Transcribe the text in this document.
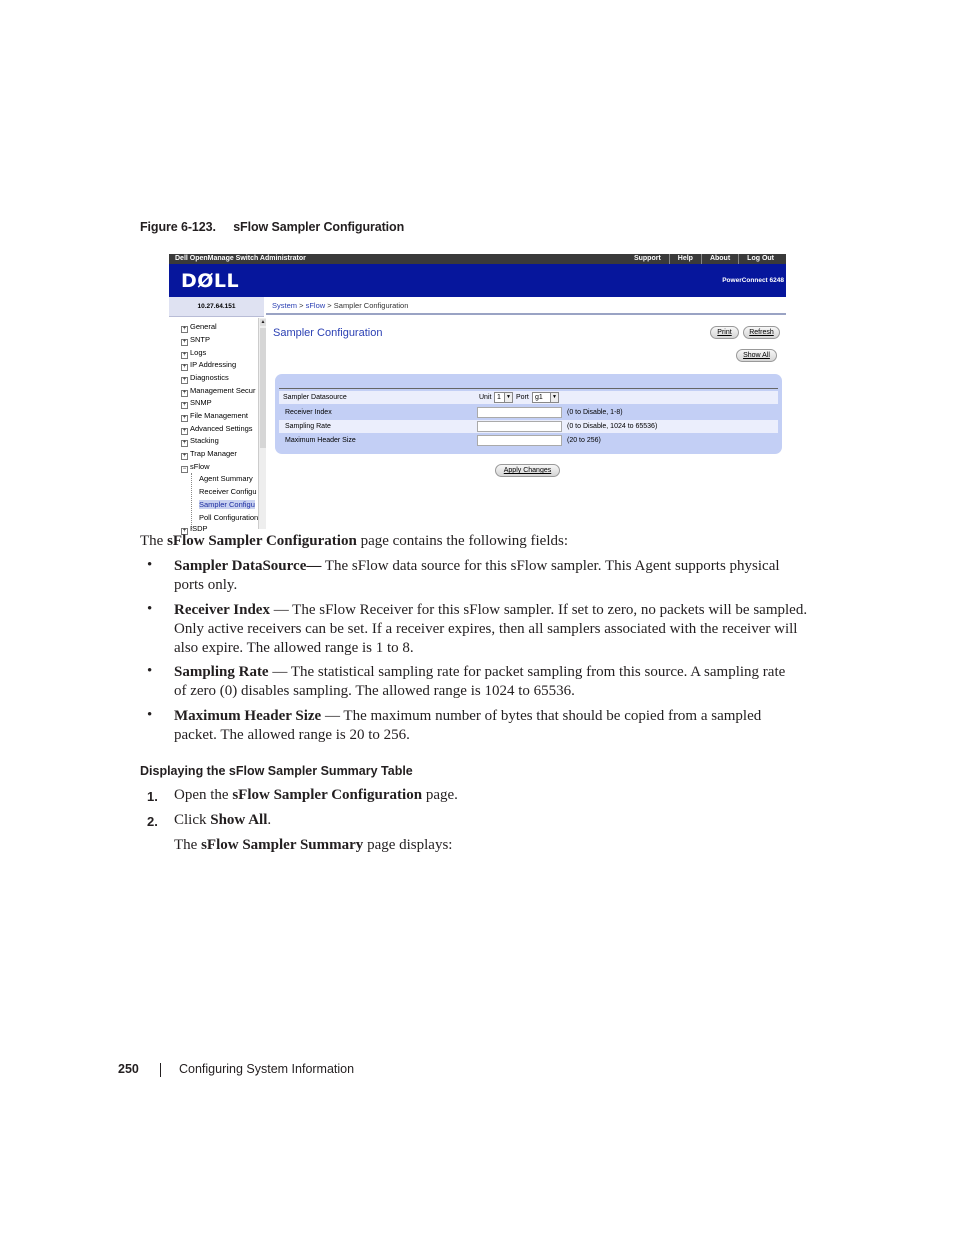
Figure 6-123. sFlow Sampler Configuration
Dell OpenManage Switch Administrator	Support	Help	About	Log Out
DØLL	PowerConnect 6248
10.27.64.151	System > sFlow > Sampler Configuration
+ General
+ SNTP
+ Logs
+ IP Addressing
+ Diagnostics
+ Management Secur
+ SNMP
+ File Management
+ Advanced Settings
+ Stacking
+ Trap Manager
− sFlow
Agent Summary
Receiver Configu
Sampler Configu
Poll Configuration
+ ISDP
▲
Sampler Configuration	Print	Refresh
Show All
Sampler Datasource	Unit 1	▼ Port g1	▼
Receiver Index	(0 to Disable, 1-8)
Sampling Rate	(0 to Disable, 1024 to 65536)
Maximum Header Size	(20 to 256)
Apply Changes
The sFlow Sampler Configuration page contains the following fields:
• Sampler DataSource— The sFlow data source for this sFlow sampler. This Agent supports physical
ports only.
• Receiver Index — The sFlow Receiver for this sFlow sampler. If set to zero, no packets will be sampled.
Only active receivers can be set. If a receiver expires, then all samplers associated with the receiver will
also expire. The allowed range is 1 to 8.
• Sampling Rate — The statistical sampling rate for packet sampling from this source. A sampling rate
of zero (0) disables sampling. The allowed range is 1024 to 65536.
• Maximum Header Size — The maximum number of bytes that should be copied from a sampled
packet. The allowed range is 20 to 256.
Displaying the sFlow Sampler Summary Table
1. Open the sFlow Sampler Configuration page.
2. Click Show All.
The sFlow Sampler Summary page displays:
250	Configuring System Information
